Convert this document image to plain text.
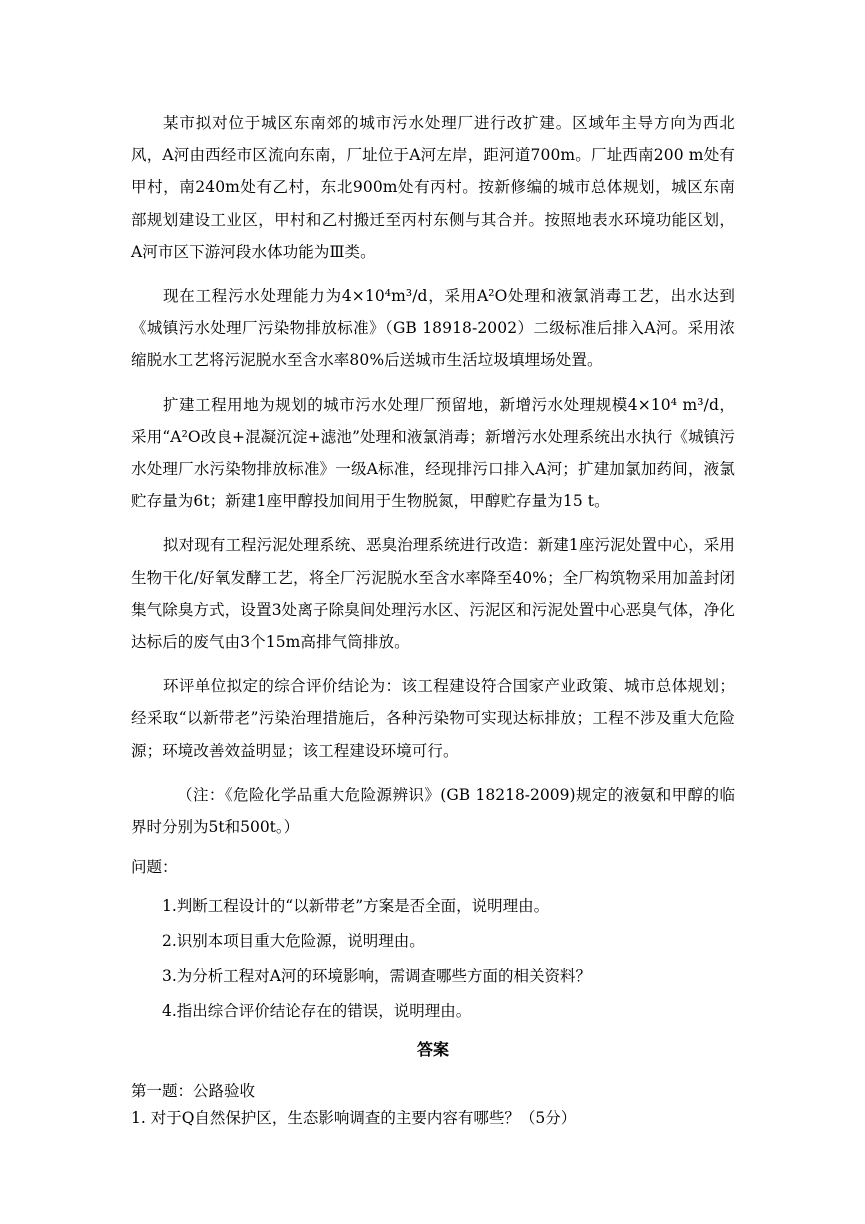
某市拟对位于城区东南郊的城市污水处理厂进行改扩建。区域年主导方向为西北风，A河由西经市区流向东南，厂址位于A河左岸，距河道700m。厂址西南200 m处有甲村，南240m处有乙村，东北900m处有丙村。按新修编的城市总体规划，城区东南部规划建设工业区，甲村和乙村搬迁至丙村东侧与其合并。按照地表水环境功能区划，A河市区下游河段水体功能为Ⅲ类。

现在工程污水处理能力为4×10⁴m³/d，采用A²O处理和液氯消毒工艺，出水达到《城镇污水处理厂污染物排放标准》（GB 18918-2002）二级标准后排入A河。采用浓缩脱水工艺将污泥脱水至含水率80%后送城市生活垃圾填埋场处置。

扩建工程用地为规划的城市污水处理厂预留地，新增污水处理规模4×10⁴ m³/d，采用“A²O改良+混凝沉淀+滤池”处理和液氯消毒；新增污水处理系统出水执行《城镇污水处理厂水污染物排放标准》一级A标准，经现排污口排入A河；扩建加氯加药间，液氯贮存量为6t；新建1座甲醇投加间用于生物脱氮，甲醇贮存量为15 t。

拟对现有工程污泥处理系统、恶臭治理系统进行改造：新建1座污泥处置中心，采用生物干化/好氧发酵工艺，将全厂污泥脱水至含水率降至40%；全厂构筑物采用加盖封闭集气除臭方式，设置3处离子除臭间处理污水区、污泥区和污泥处置中心恶臭气体，净化达标后的废气由3个15m高排气筒排放。

环评单位拟定的综合评价结论为：该工程建设符合国家产业政策、城市总体规划；经采取“以新带老”污染治理措施后，各种污染物可实现达标排放；工程不涉及重大危险源；环境改善效益明显；该工程建设环境可行。

（注：《危险化学品重大危险源辨识》(GB 18218-2009)规定的液氨和甲醇的临界时分别为5t和500t。）

问题：

1.判断工程设计的“以新带老”方案是否全面，说明理由。

2.识别本项目重大危险源，说明理由。

3.为分析工程对A河的环境影响，需调查哪些方面的相关资料？

4.指出综合评价结论存在的错误，说明理由。

答案

第一题：公路验收

1. 对于Q自然保护区，生态影响调查的主要内容有哪些？（5分）
